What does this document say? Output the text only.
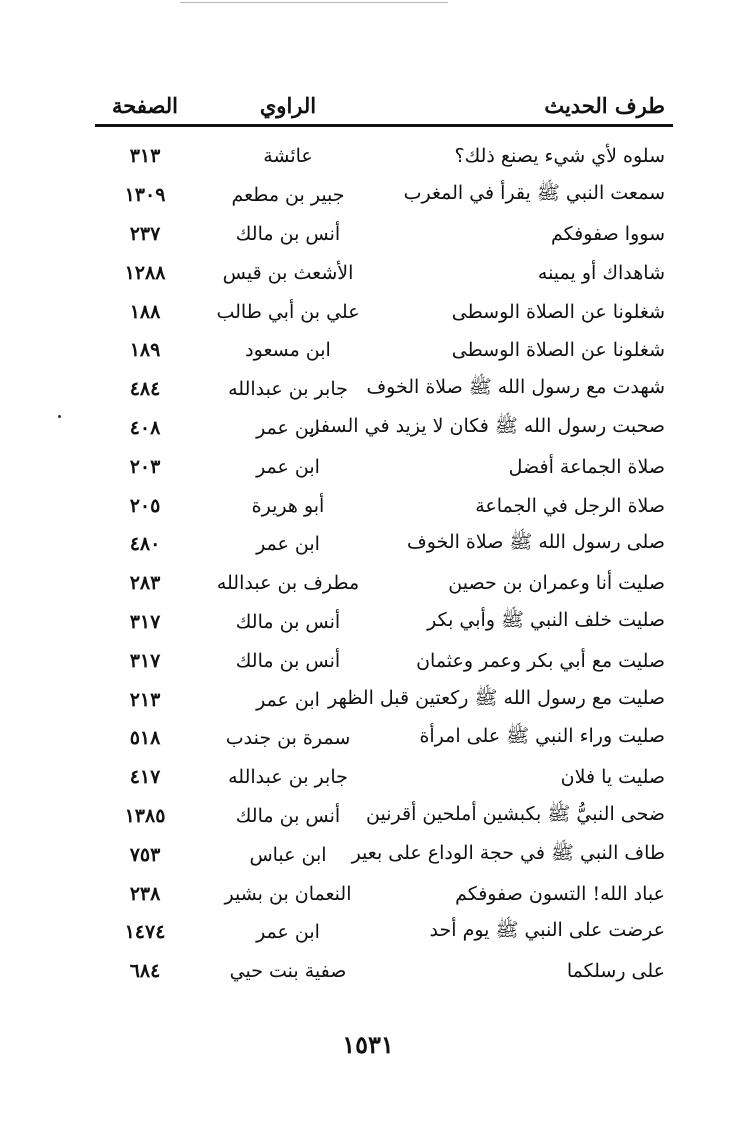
طرف الحديث
الراوي
الصفحة
سلوه لأي شيء يصنع ذلك؟
عائشة
٣١٣
سمعت النبي ﷺ يقرأ في المغرب
جبير بن مطعم
١٣٠٩
سووا صفوفكم
أنس بن مالك
٢٣٧
شاهداك أو يمينه
الأشعث بن قيس
١٢٨٨
شغلونا عن الصلاة الوسطى
علي بن أبي طالب
١٨٨
شغلونا عن الصلاة الوسطى
ابن مسعود
١٨٩
شهدت مع رسول الله ﷺ صلاة الخوف
جابر بن عبدالله
٤٨٤
صحبت رسول الله ﷺ فكان لا يزيد في السفر
ابن عمر
٤٠٨
صلاة الجماعة أفضل
ابن عمر
٢٠٣
صلاة الرجل في الجماعة
أبو هريرة
٢٠٥
صلى رسول الله ﷺ صلاة الخوف
ابن عمر
٤٨٠
صليت أنا وعمران بن حصين
مطرف بن عبدالله
٢٨٣
صليت خلف النبي ﷺ وأبي بكر
أنس بن مالك
٣١٧
صليت مع أبي بكر وعمر وعثمان
أنس بن مالك
٣١٧
صليت مع رسول الله ﷺ ركعتين قبل الظهر
ابن عمر
٢١٣
صليت وراء النبي ﷺ على امرأة
سمرة بن جندب
٥١٨
صليت يا فلان
جابر بن عبدالله
٤١٧
ضحى النبيُّ ﷺ بكبشين أملحين أقرنين
أنس بن مالك
١٣٨٥
طاف النبي ﷺ في حجة الوداع على بعير
ابن عباس
٧٥٣
عباد الله! التسون صفوفكم
النعمان بن بشير
٢٣٨
عرضت على النبي ﷺ يوم أحد
ابن عمر
١٤٧٤
على رسلكما
صفية بنت حيي
٦٨٤
١٥٣١
